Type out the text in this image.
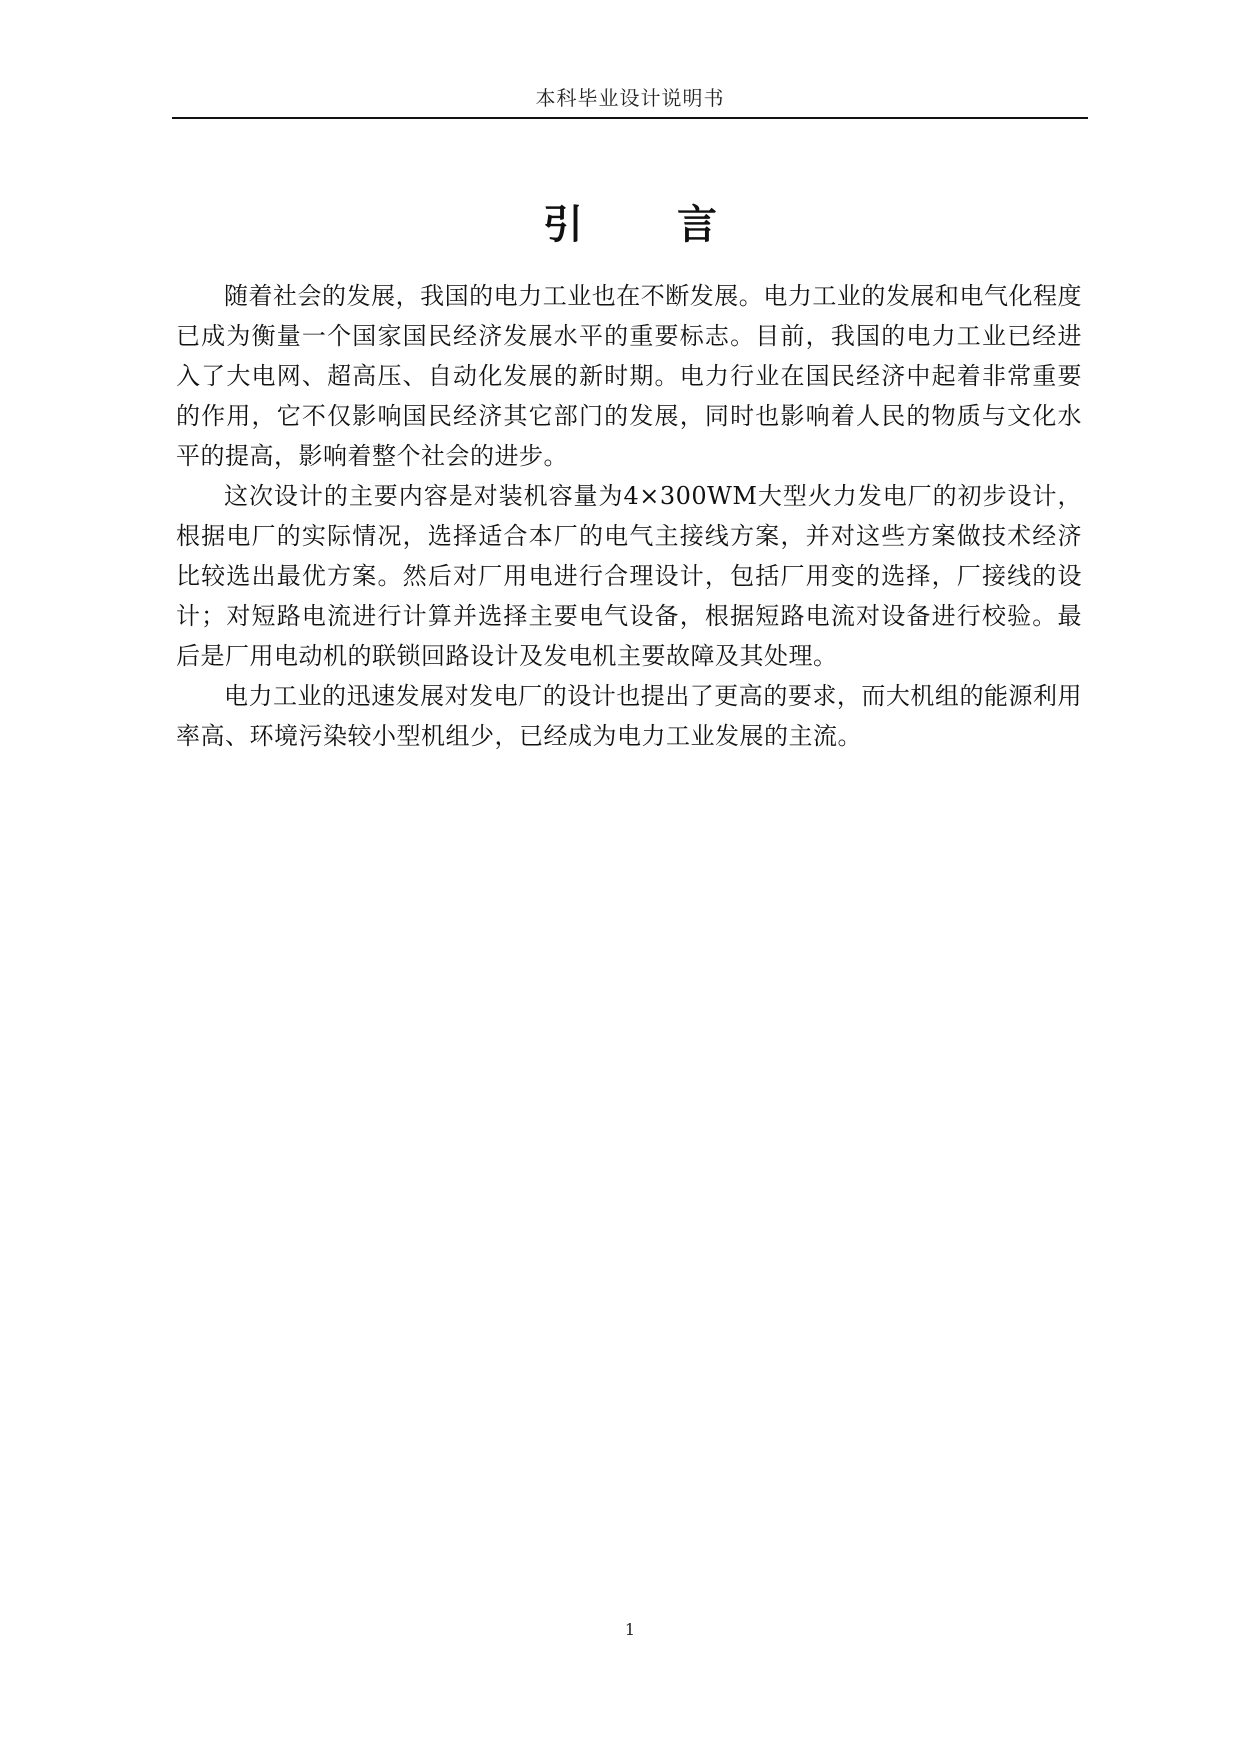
本科毕业设计说明书
引 言

随着社会的发展，我国的电力工业也在不断发展。电力工业的发展和电气化程度已成为衡量一个国家国民经济发展水平的重要标志。目前，我国的电力工业已经进入了大电网、超高压、自动化发展的新时期。电力行业在国民经济中起着非常重要的作用，它不仅影响国民经济其它部门的发展，同时也影响着人民的物质与文化水平的提高，影响着整个社会的进步。

这次设计的主要内容是对装机容量为4×300WM大型火力发电厂的初步设计，根据电厂的实际情况，选择适合本厂的电气主接线方案，并对这些方案做技术经济比较选出最优方案。然后对厂用电进行合理设计，包括厂用变的选择，厂接线的设计；对短路电流进行计算并选择主要电气设备，根据短路电流对设备进行校验。最后是厂用电动机的联锁回路设计及发电机主要故障及其处理。

电力工业的迅速发展对发电厂的设计也提出了更高的要求，而大机组的能源利用率高、环境污染较小型机组少，已经成为电力工业发展的主流。

1
